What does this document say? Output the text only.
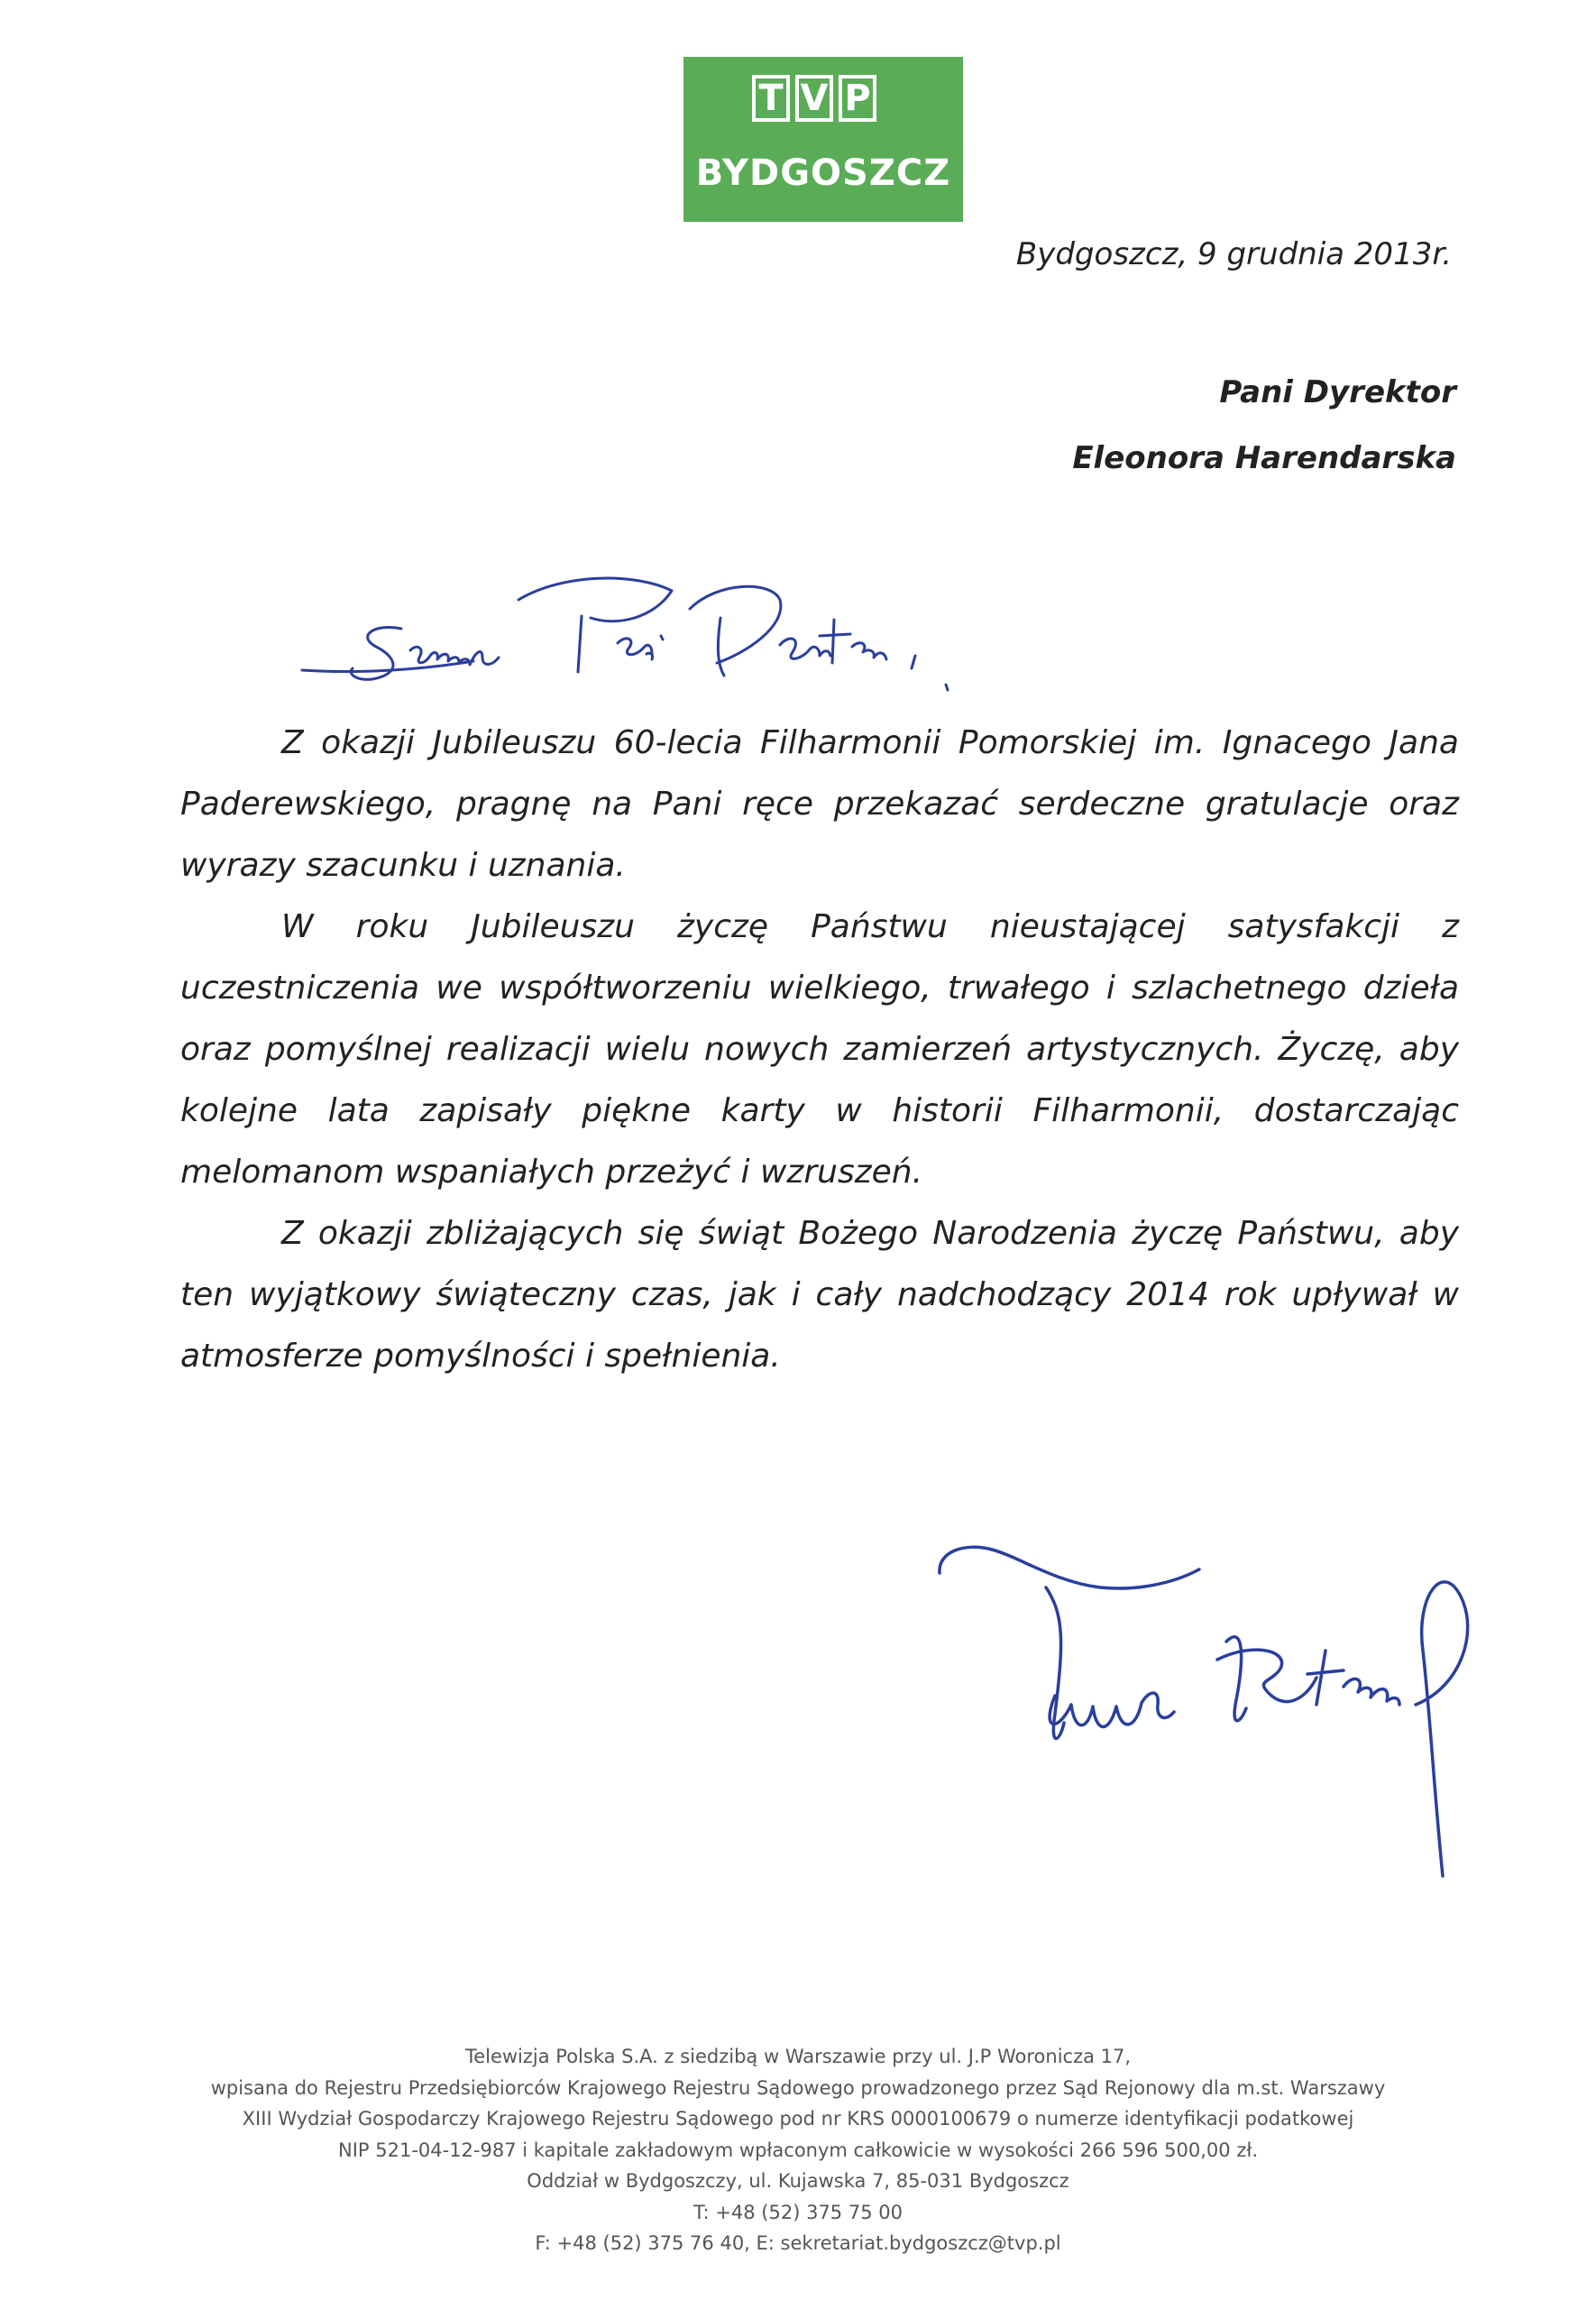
T V P
BYDGOSZCZ
Bydgoszcz, 9 grudnia 2013r.
Pani Dyrektor
Eleonora Harendarska

Z okazji Jubileuszu 60-lecia Filharmonii Pomorskiej im. Ignacego Jana Paderewskiego, pragnę na Pani ręce przekazać serdeczne gratulacje oraz wyrazy szacunku i uznania.

W roku Jubileuszu życzę Państwu nieustającej satysfakcji z uczestniczenia we współtworzeniu wielkiego, trwałego i szlachetnego dzieła oraz pomyślnej realizacji wielu nowych zamierzeń artystycznych. Życzę, aby kolejne lata zapisały piękne karty w historii Filharmonii, dostarczając melomanom wspaniałych przeżyć i wzruszeń.

Z okazji zbliżających się świąt Bożego Narodzenia życzę Państwu, aby ten wyjątkowy świąteczny czas, jak i cały nadchodzący 2014 rok upływał w atmosferze pomyślności i spełnienia.

Telewizja Polska S.A. z siedzibą w Warszawie przy ul. J.P Woronicza 17,
wpisana do Rejestru Przedsiębiorców Krajowego Rejestru Sądowego prowadzonego przez Sąd Rejonowy dla m.st. Warszawy
XIII Wydział Gospodarczy Krajowego Rejestru Sądowego pod nr KRS 0000100679 o numerze identyfikacji podatkowej
NIP 521-04-12-987 i kapitale zakładowym wpłaconym całkowicie w wysokości 266 596 500,00 zł.
Oddział w Bydgoszczy, ul. Kujawska 7, 85-031 Bydgoszcz
T: +48 (52) 375 75 00
F: +48 (52) 375 76 40, E: sekretariat.bydgoszcz@tvp.pl
